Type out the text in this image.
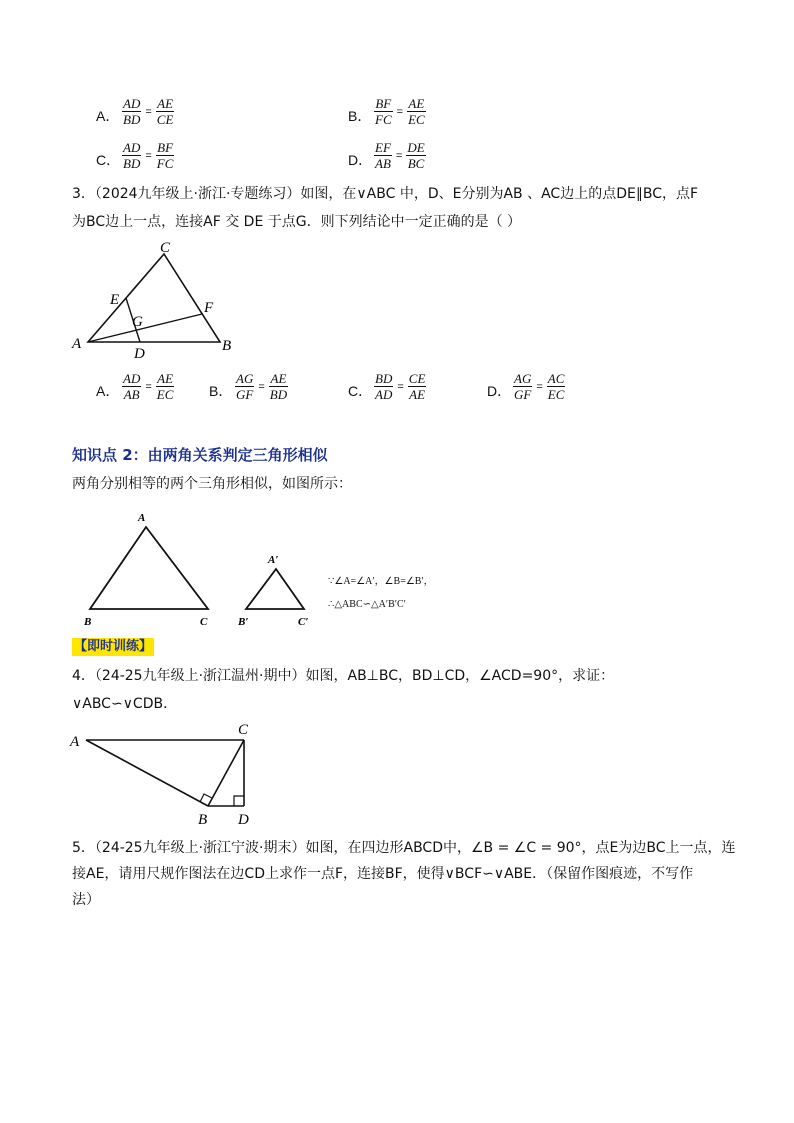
A．
AD
BD
=
AE
CE	B．
BF
FC
=
AE
EC
C．
AD
BD
=
BF
FC	D．
EF
AB
=
DE
BC
3．（2024九年级上·浙江·专题练习）如图，在∨ABC 中，D、E分别为AB 、AC边上的点DE∥BC，点F
为BC边上一点，连接AF 交 DE 于点G．则下列结论中一定正确的是（ ）
A	B
C
D
E	F
G
A．
AD
AB
=
AE
EC	B．
AG
GF
=
AE
BD	C．
BD
AD
=
CE
AE	D．
AG
GF
=
AC
EC
知识点 2：由两角关系判定三角形相似
两角分别相等的两个三角形相似，如图所示：
A
B	C
A′
B′	C′
∵∠A=∠A′，∠B=∠B′，
∴△ABC∽△A′B′C′
【即时训练】
4．（24-25九年级上·浙江温州·期中）如图，AB⊥BC，BD⊥CD，∠ACD=90°，求证：
∨ABC∽∨CDB．
A
B
C
D
5．（24-25九年级上·浙江宁波·期末）如图，在四边形ABCD中，∠B = ∠C = 90°，点E为边BC上一点，连
接AE，请用尺规作图法在边CD上求作一点F，连接BF，使得∨BCF∽∨ABE．（保留作图痕迹，不写作
法）
